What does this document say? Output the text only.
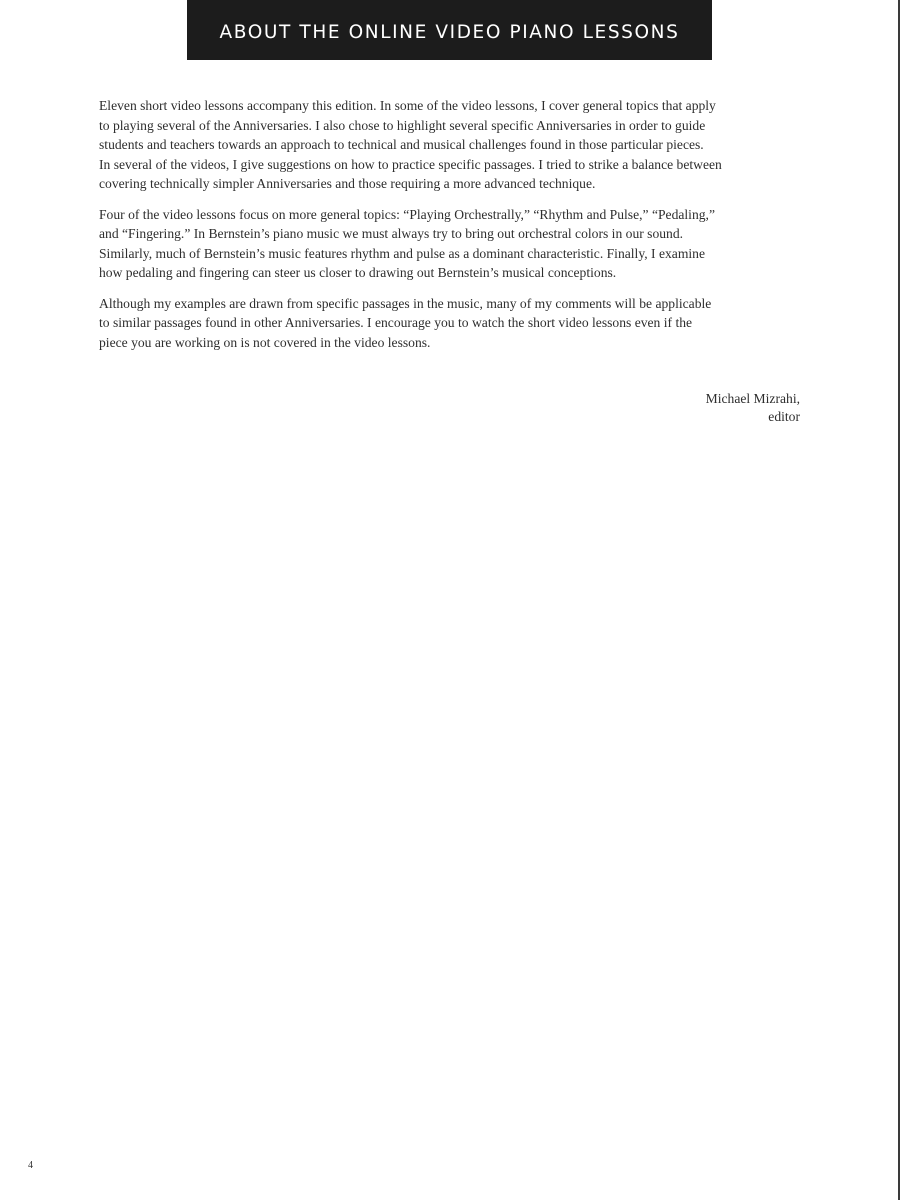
ABOUT THE ONLINE VIDEO PIANO LESSONS

Eleven short video lessons accompany this edition. In some of the video lessons, I cover general topics that apply
to playing several of the Anniversaries. I also chose to highlight several specific Anniversaries in order to guide
students and teachers towards an approach to technical and musical challenges found in those particular pieces.
In several of the videos, I give suggestions on how to practice specific passages. I tried to strike a balance between
covering technically simpler Anniversaries and those requiring a more advanced technique.

Four of the video lessons focus on more general topics: “Playing Orchestrally,” “Rhythm and Pulse,” “Pedaling,”
and “Fingering.” In Bernstein’s piano music we must always try to bring out orchestral colors in our sound.
Similarly, much of Bernstein’s music features rhythm and pulse as a dominant characteristic. Finally, I examine
how pedaling and fingering can steer us closer to drawing out Bernstein’s musical conceptions.

Although my examples are drawn from specific passages in the music, many of my comments will be applicable
to similar passages found in other Anniversaries. I encourage you to watch the short video lessons even if the
piece you are working on is not covered in the video lessons.

Michael Mizrahi,
editor
4
